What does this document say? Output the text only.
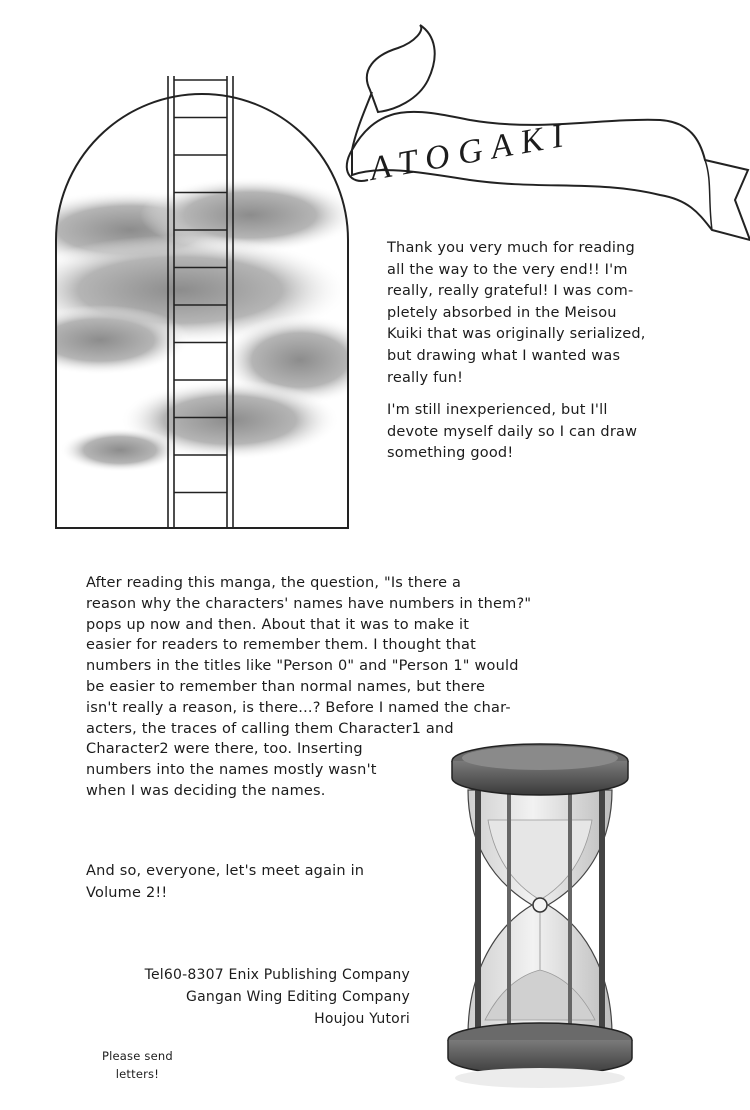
ATOGAKI
Thank you very much for reading
all the way to the very end!! I'm
really, really grateful! I was com-
pletely absorbed in the Meisou
Kuiki that was originally serialized,
but drawing what I wanted was
really fun!
I'm still inexperienced, but I'll
devote myself daily so I can draw
something good!
After reading this manga, the question, "Is there a
reason why the characters' names have numbers in them?"
pops up now and then. About that it was to make it
easier for readers to remember them. I thought that
numbers in the titles like "Person 0" and "Person 1" would
be easier to remember than normal names, but there
isn't really a reason, is there...? Before I named the char-
acters, the traces of calling them Character1 and
Character2 were there, too. Inserting
numbers into the names mostly wasn't
when I was deciding the names.
And so, everyone, let's meet again in
Volume 2!!
Tel60-8307 Enix Publishing Company
Gangan Wing Editing Company
Houjou Yutori
Please send
letters!
